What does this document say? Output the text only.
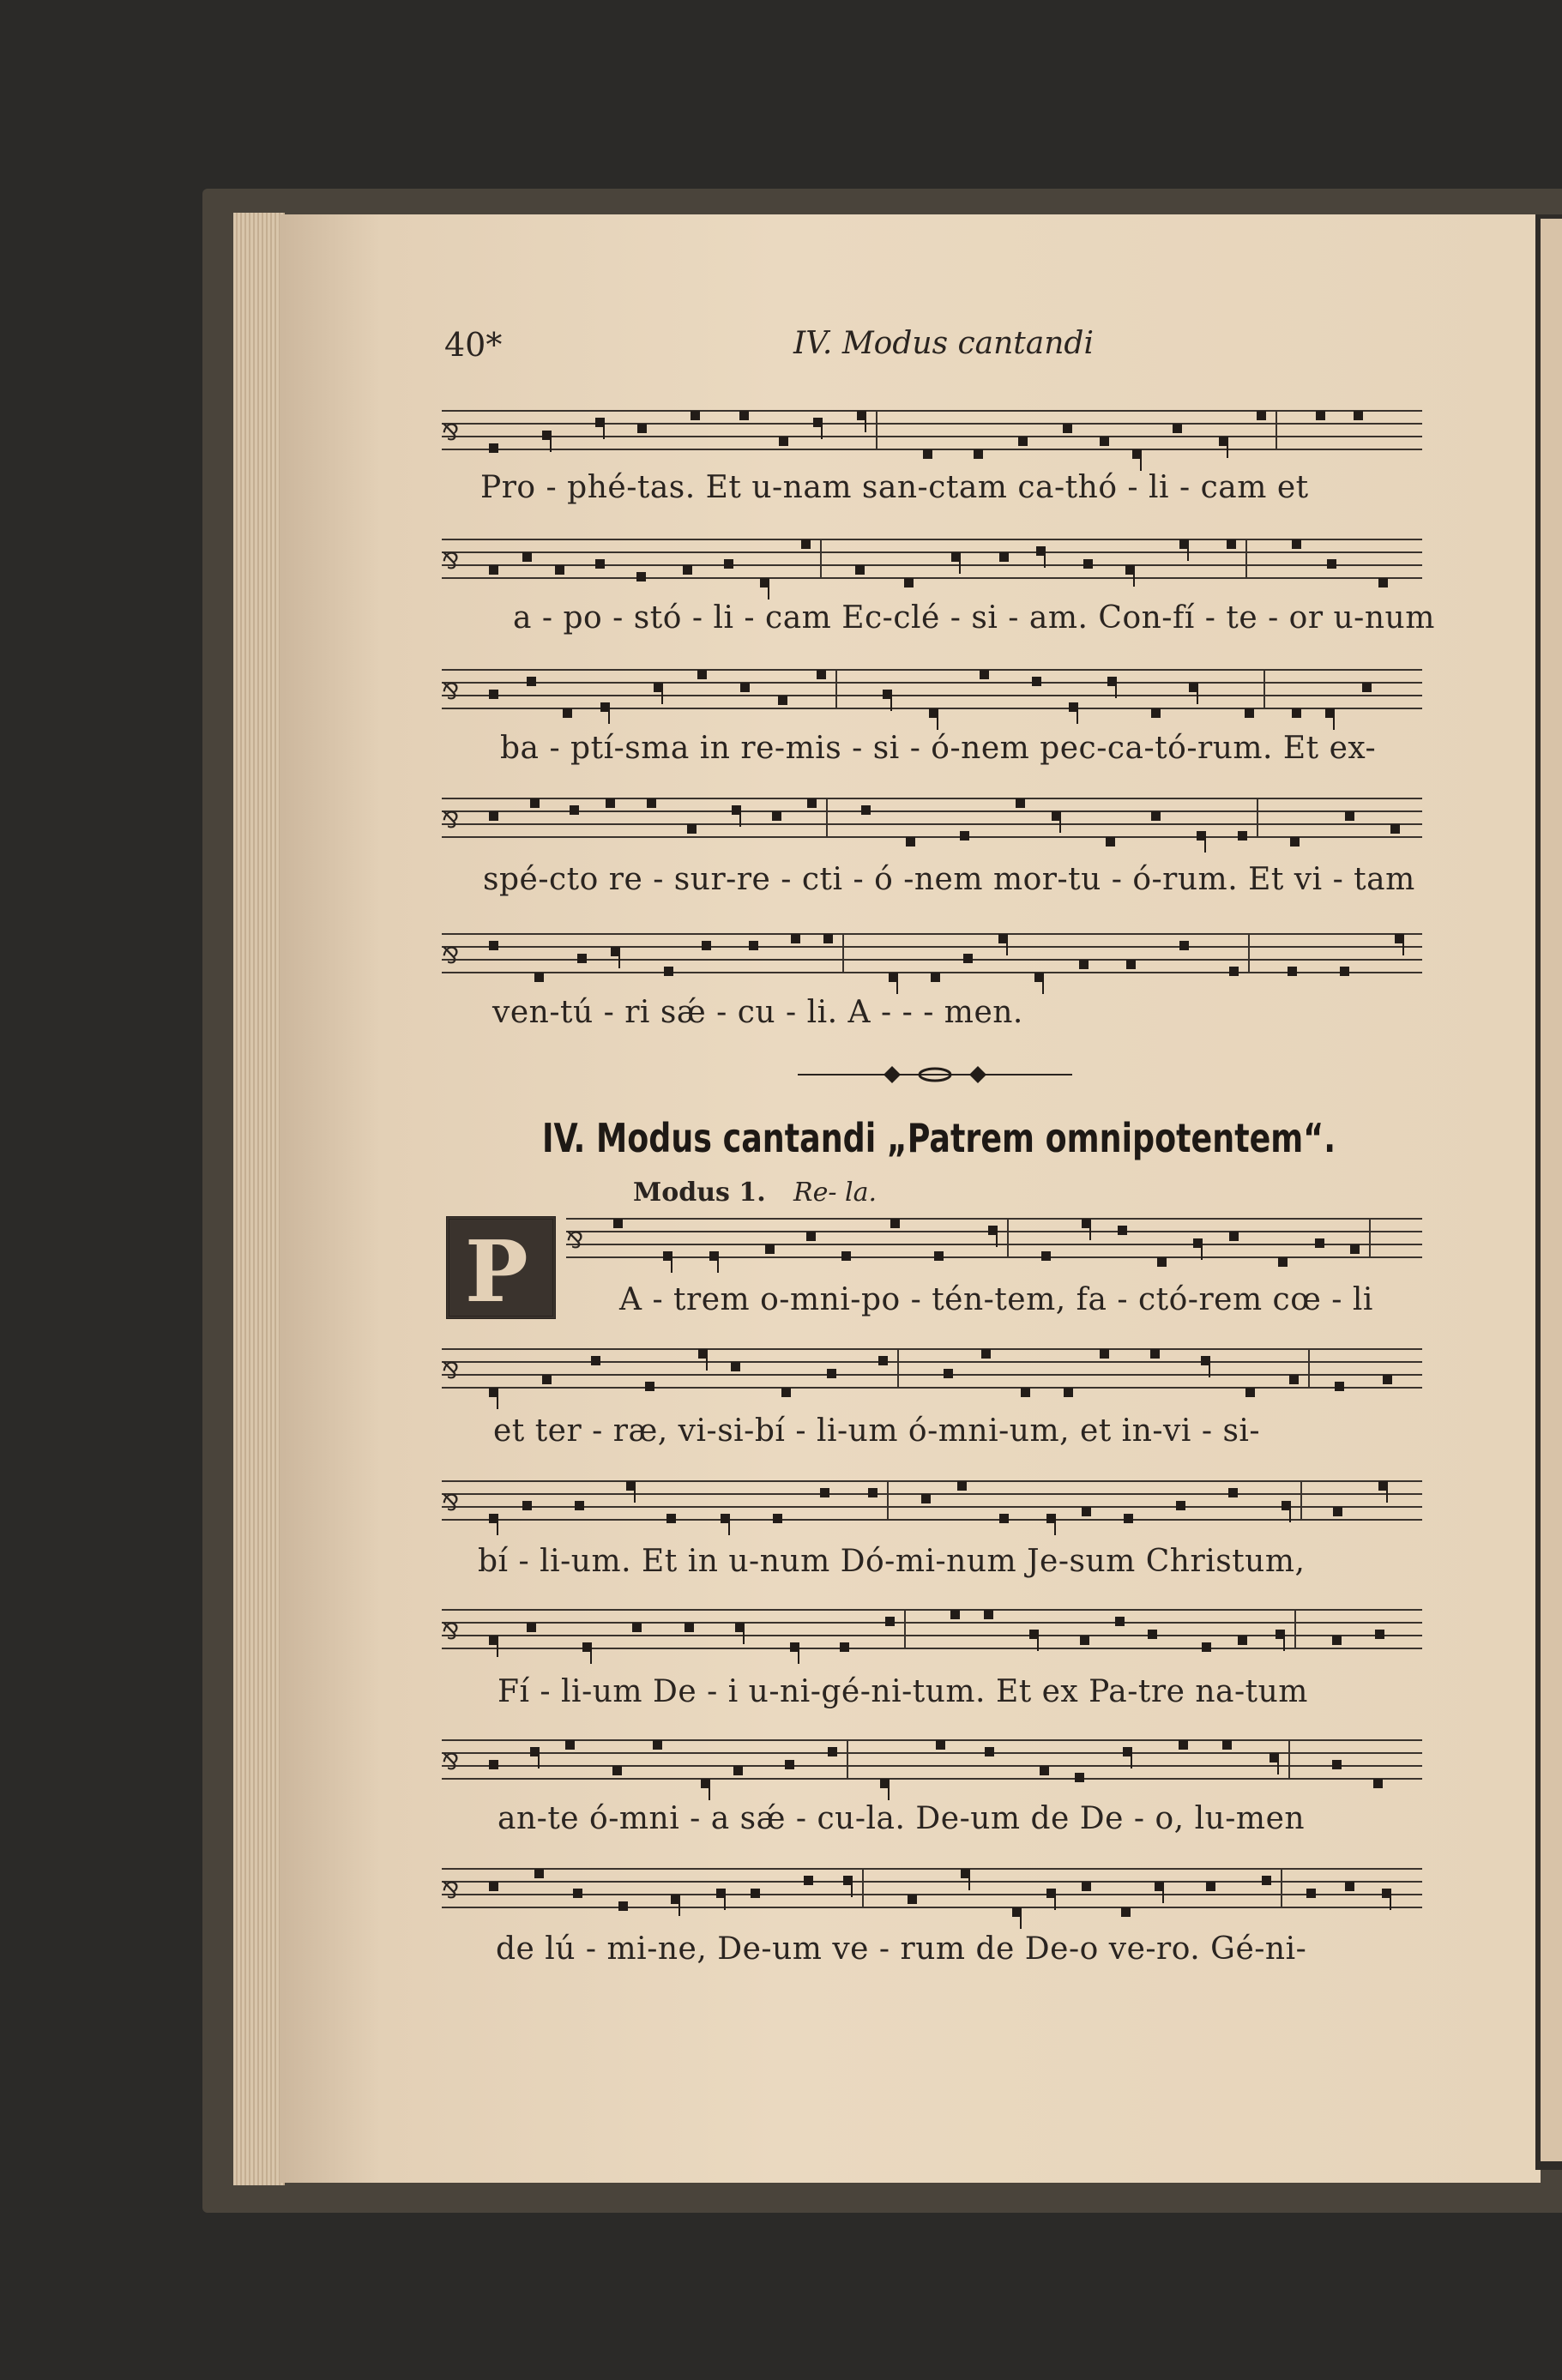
40*	IV. Modus cantandi
⅋
Pro - phé-tas. Et u-nam san-ctam ca-thó - li - cam et
⅋
a - po - stó - li - cam Ec-clé - si - am. Con-fí - te - or u-num
⅋
ba - ptí-sma in re-mis - si - ó-nem pec-ca-tó-rum. Et ex-
⅋
spé-cto re - sur-re - cti - ó -nem mor-tu - ó-rum. Et vi - tam
⅋
ven-tú - ri sǽ - cu - li. A - - - men.
IV. Modus cantandi „Patrem omnipotentem“.
Modus 1. Re- la.
P ⅋
A - trem o-mni-po - tén-tem, fa - ctó-rem cœ - li
⅋
et ter - ræ, vi-si-bí - li-um ó-mni-um, et in-vi - si-
⅋
bí - li-um. Et in u-num Dó-mi-num Je-sum Christum,
⅋
Fí - li-um De - i u-ni-gé-ni-tum. Et ex Pa-tre na-tum
⅋
an-te ó-mni - a sǽ - cu-la. De-um de De - o, lu-men
⅋
de lú - mi-ne, De-um ve - rum de De-o ve-ro. Gé-ni-
